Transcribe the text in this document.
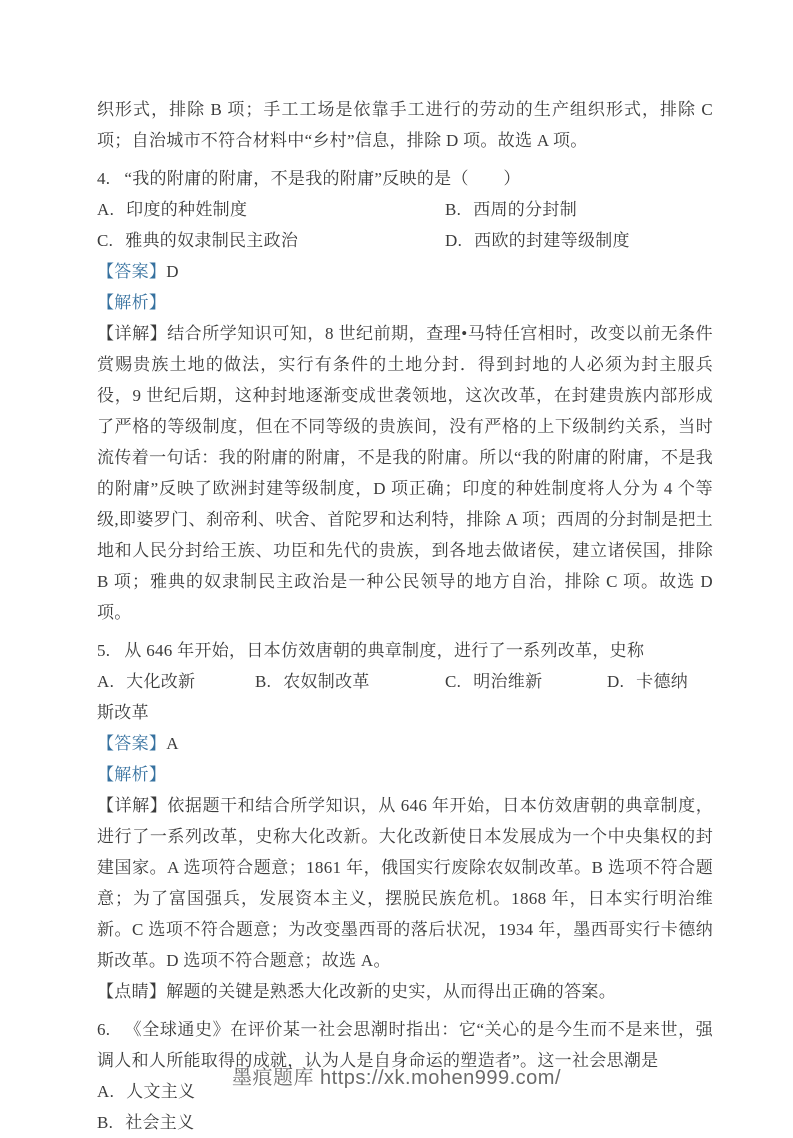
织形式，排除 B 项；手工工场是依靠手工进行的劳动的生产组织形式，排除 C 项；自治城市不符合材料中“乡村”信息，排除 D 项。故选 A 项。

4. “我的附庸的附庸，不是我的附庸”反映的是（　　）

A. 印度的种姓制度	B. 西周的分封制
C. 雅典的奴隶制民主政治	D. 西欧的封建等级制度
【答案】D
【解析】

【详解】结合所学知识可知，8 世纪前期，查理•马特任宫相时，改变以前无条件赏赐贵族土地的做法，实行有条件的土地分封．得到封地的人必须为封主服兵役，9 世纪后期，这种封地逐渐变成世袭领地，这次改革，在封建贵族内部形成了严格的等级制度，但在不同等级的贵族间，没有严格的上下级制约关系，当时流传着一句话：我的附庸的附庸，不是我的附庸。所以“我的附庸的附庸，不是我的附庸”反映了欧洲封建等级制度，D 项正确；印度的种姓制度将人分为 4 个等级,即婆罗门、刹帝利、吠舍、首陀罗和达利特，排除 A 项；西周的分封制是把土地和人民分封给王族、功臣和先代的贵族，到各地去做诸侯，建立诸侯国，排除 B 项；雅典的奴隶制民主政治是一种公民领导的地方自治，排除 C 项。故选 D 项。

5. 从 646 年开始，日本仿效唐朝的典章制度，进行了一系列改革，史称

A. 大化改新	B. 农奴制改革	C. 明治维新	D. 卡德纳斯改革
【答案】A
【解析】

【详解】依据题干和结合所学知识，从 646 年开始，日本仿效唐朝的典章制度，进行了一系列改革，史称大化改新。大化改新使日本发展成为一个中央集权的封建国家。A 选项符合题意；1861 年，俄国实行废除农奴制改革。B 选项不符合题意；为了富国强兵，发展资本主义，摆脱民族危机。1868 年，日本实行明治维新。C 选项不符合题意；为改变墨西哥的落后状况，1934 年，墨西哥实行卡德纳斯改革。D 选项不符合题意；故选 A。

【点睛】解题的关键是熟悉大化改新的史实，从而得出正确的答案。

6. 《全球通史》在评价某一社会思潮时指出：它“关心的是今生而不是来世，强调人和人所能取得的成就，认为人是自身命运的塑造者”。这一社会思潮是

A. 人文主义
B. 社会主义
墨痕题库 https://xk.mohen999.com/
